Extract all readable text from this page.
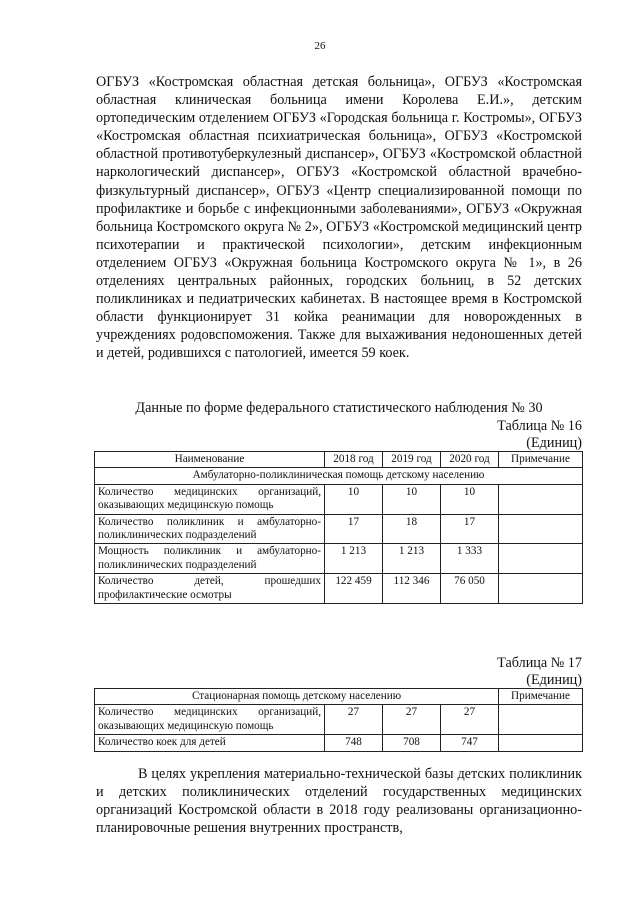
26
ОГБУЗ «Костромская областная детская больница», ОГБУЗ «Костромская областная клиническая больница имени Королева Е.И.», детским ортопедическим отделением ОГБУЗ «Городская больница г. Костромы», ОГБУЗ «Костромская областная психиатрическая больница», ОГБУЗ «Костромской областной противотуберкулезный диспансер», ОГБУЗ «Костромской областной наркологический диспансер», ОГБУЗ «Костромской областной врачебно-физкультурный диспансер», ОГБУЗ «Центр специализированной помощи по профилактике и борьбе с инфекционными заболеваниями», ОГБУЗ «Окружная больница Костромского округа № 2», ОГБУЗ «Костромской медицинский центр психотерапии и практической психологии», детским инфекционным отделением ОГБУЗ «Окружная больница Костромского округа № 1», в 26 отделениях центральных районных, городских больниц, в 52 детских поликлиниках и педиатрических кабинетах. В настоящее время в Костромской области функционирует 31 койка реанимации для новорожденных в учреждениях родовспоможения. Также для выхаживания недоношенных детей и детей, родившихся с патологией, имеется 59 коек.
Данные по форме федерального статистического наблюдения № 30
Таблица № 16
(Единиц)
Наименование	2018 год	2019 год	2020 год	Примечание
Амбулаторно-поликлиническая помощь детскому населению				
Количество медицинских организаций, оказывающих медицинскую помощь	10	10	10	
Количество поликлиник и амбулаторно-поликлинических подразделений	17	18	17	
Мощность поликлиник и амбулаторно-поликлинических подразделений	1 213	1 213	1 333	
Количество детей, прошедших профилактические осмотры	122 459	112 346	76 050	
Таблица № 17
(Единиц)
Стационарная помощь детскому населению				Примечание
Количество медицинских организаций, оказывающих медицинскую помощь	27	27	27	
Количество коек для детей	748	708	747	
В целях укрепления материально-технической базы детских поликлиник и детских поликлинических отделений государственных медицинских организаций Костромской области в 2018 году реализованы организационно-планировочные решения внутренних пространств,
